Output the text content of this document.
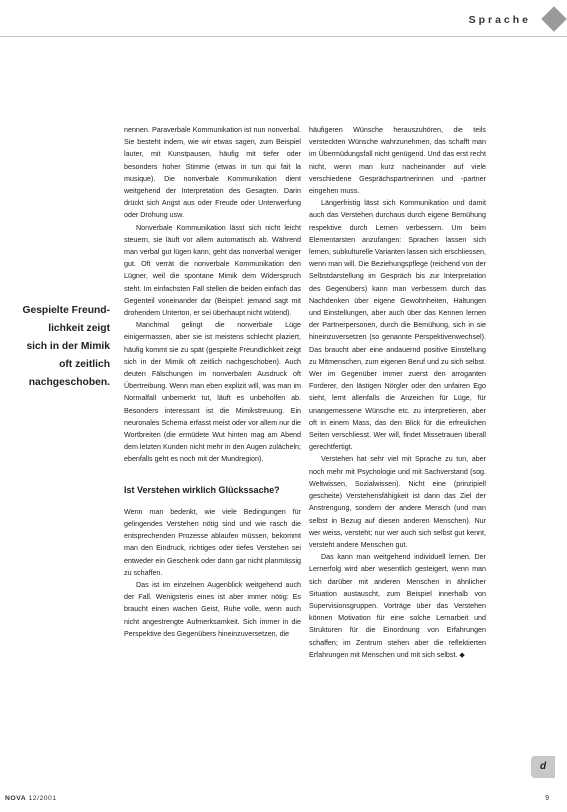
Sprache
Gespielte Freund-
lichkeit zeigt
sich in der Mimik
oft zeitlich
nachgeschoben.

nennen. Paraverbale Kommunikation ist nun nonverbal. Sie besteht indem, wie wir etwas sagen, zum Beispiel lauter, mit Kunstpausen, häufig mit tiefer oder besonders hoher Stimme (etwas in tun qui fait la musique). Die nonverbale Kommunikation dient weitgehend der Interpretation des Gesagten. Darin drückt sich Angst aus oder Freude oder Unterwerfung oder Drohung usw.

Nonverbale Kommunikation lässt sich nicht leicht steuern, sie läuft vor allem automatisch ab. Während man verbal gut lügen kann, geht das nonverbal weniger gut. Oft verrät die nonverbale Kommunikation den Lügner, weil die spontane Mimik dem Widerspruch steht. Im einfachsten Fall stellen die beiden einfach das Gegenteil voneinander dar (Beispiel: jemand sagt mit drohendem Unterton, er sei überhaupt nicht wütend).

Manchmal gelingt die nonverbale Lüge einigermassen, aber sie ist meistens schlecht plaziert, häufig kommt sie zu spät (gespielte Freundlichkeit zeigt sich in der Mimik oft zeitlich nachgeschoben). Auch deuten Fälschungen im nonverbalen Ausdruck oft Übertreibung. Wenn man eben explizit will, was man im Normalfall unbemerkt tut, läuft es unbeholfen ab. Besonders interessant ist die Mimikstreuung. Ein neuronales Schema erfasst meist oder vor allem nur die Wortbreiten (die ermüdete Wut hinten mag am Abend dem letzten Kunden nicht mehr in den Augen zulächeln; ebenfalls geht es noch mit der Mundregion).

Ist Verstehen wirklich Glückssache?

Wenn man bedenkt, wie viele Bedingungen für gelingendes Verstehen nötig sind und wie rasch die entsprechenden Prozesse ablaufen müssen, bekommt man den Eindruck, richtiges oder tiefes Verstehen sei entweder ein Geschenk oder dann gar nicht planmässig zu schaffen.

Das ist im einzelnen Augenblick weitgehend auch der Fall. Wenigstens eines ist aber immer nötig: Es braucht einen wachen Geist, Ruhe volle, wenn auch nicht angestrengte Aufmerksamkeit. Sich immer in die Perspektive des Gegenübers hineinzuversetzen, die

häufigeren Wünsche herauszuhören, die teils versteckten Wünsche wahrzunehmen, das schafft man im Übermüdungsfall nicht genügend. Und das erst recht nicht, wenn man kurz nacheinander auf viele verschiedene Gesprächspartnerinnen und -partner eingehen muss.

Längerfristig lässt sich Kommunikation und damit auch das Verstehen durchaus durch eigene Bemühung respektive durch Lernen verbessern. Um beim Elementarsten anzufangen: Sprachen lassen sich lernen, subkulturelle Varianten lassen sich erschliessen, wenn man will. Die Beziehungspflege (reichend von der Selbstdarstellung im Gespräch bis zur Interpretation des Gegenübers) kann man verbessern durch das Nachdenken über eigene Gewohnheiten, Haltungen und Einstellungen, aber auch über das Kennen lernen der Partnerpersonen, durch die Bemühung, sich in sie hineinzuversetzen (so genannte Perspektivenwechsel). Das braucht aber eine andauernd positive Einstellung zu Mitmenschen, zum eigenen Beruf und zu sich selbst. Wer im Gegenüber immer zuerst den arroganten Forderer, den lästigen Nörgler oder den unfairen Ego sieht, lernt allenfalls die Anzeichen für Lüge, für unangemessene Wünsche etc. zu interpretieren, aber oft in einem Mass, das den Blick für die erfreulichen Seiten verschliesst. Wer will, findet Missetrauen überall gerechtfertigt.

Verstehen hat sehr viel mit Sprache zu tun, aber noch mehr mit Psychologie und mit Sachverstand (sog. Weltwissen, Sozialwissen). Nicht eine (prinzipiell gescheite) Verstehensfähigkeit ist dann das Ziel der Anstrengung, sondern der andere Mensch (und man selbst in Bezug auf diesen anderen Menschen). Nur wer weiss, versteht; nur wer auch sich selbst gut kennt, versteht andere Menschen gut.

Das kann man weitgehend individuell lernen. Der Lernerfolg wird aber wesentlich gesteigert, wenn man sich darüber mit anderen Menschen in ähnlicher Situation austauscht, zum Beispiel innerhalb von Supervisionsgruppen. Vorträge über das Verstehen können Motivation für eine solche Lernarbeit und Strukturen für die Einordnung von Erfahrungen schaffen; im Zentrum stehen aber die reflektierten Erfahrungen mit Menschen und mit sich selbst. ◆

d
NOVA 12/2001	9
